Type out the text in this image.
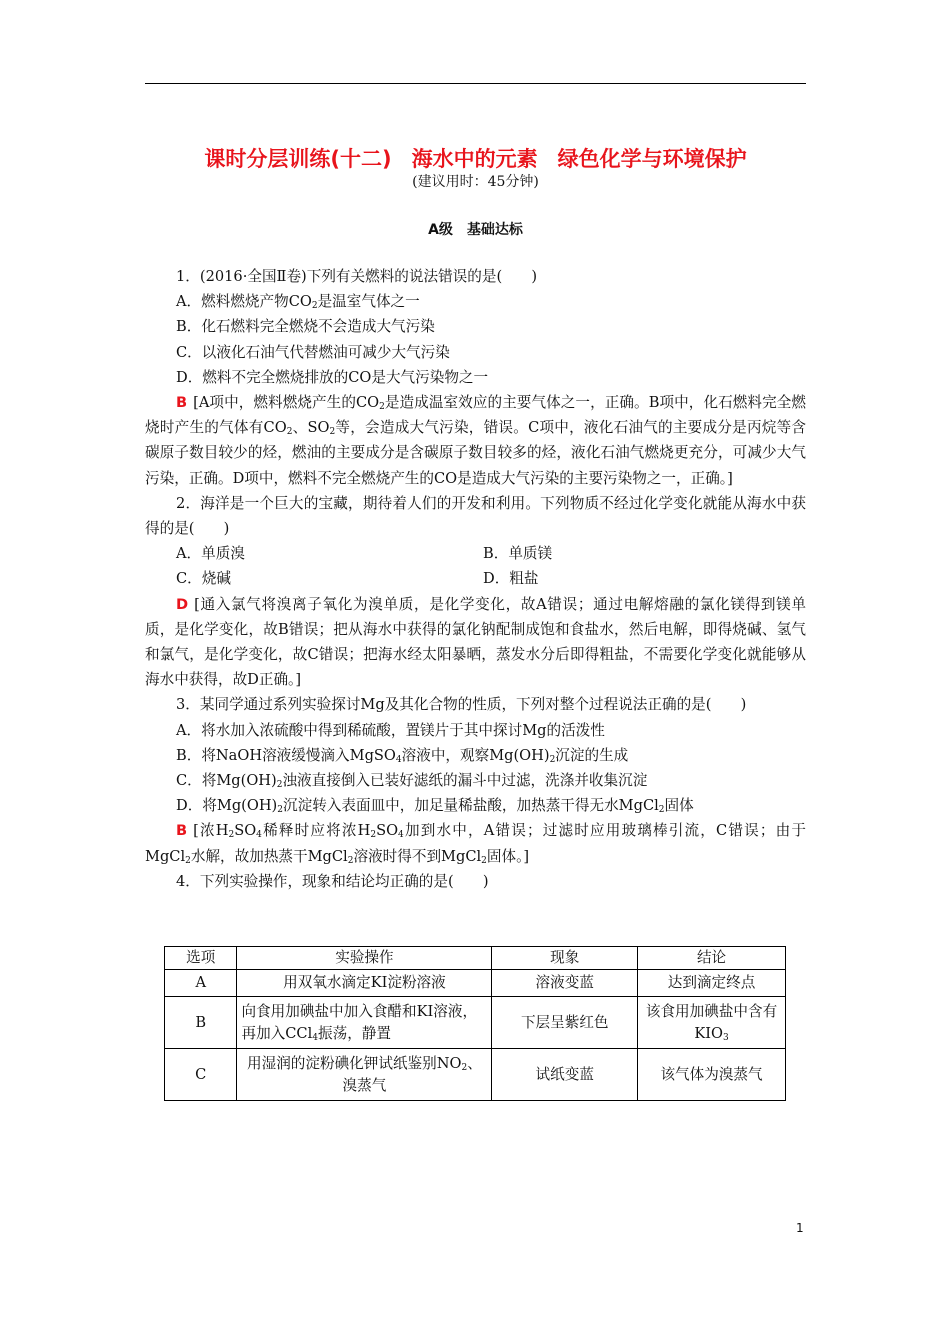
课时分层训练(十二) 海水中的元素 绿色化学与环境保护
(建议用时：45分钟)
A级　基础达标

1．(2016·全国Ⅱ卷)下列有关燃料的说法错误的是(　　)

A．燃料燃烧产物$CO_2$是温室气体之一

B．化石燃料完全燃烧不会造成大气污染

C．以液化石油气代替燃油可减少大气污染

D．燃料不完全燃烧排放的CO是大气污染物之一

B [A项中，燃料燃烧产生的$CO_2$是造成温室效应的主要气体之一，正确。B项中，化石燃料完全燃烧时产生的气体有$CO_2$、$SO_2$等，会造成大气污染，错误。C项中，液化石油气的主要成分是丙烷等含碳原子数目较少的烃，燃油的主要成分是含碳原子数目较多的烃，液化石油气燃烧更充分，可减少大气污染，正确。D项中，燃料不完全燃烧产生的CO是造成大气污染的主要污染物之一，正确。]

2．海洋是一个巨大的宝藏，期待着人们的开发和利用。下列物质不经过化学变化就能从海水中获得的是(　　)

A．单质溴	B．单质镁
C．烧碱	D．粗盐

D [通入氯气将溴离子氧化为溴单质，是化学变化，故A错误；通过电解熔融的氯化镁得到镁单质，是化学变化，故B错误；把从海水中获得的氯化钠配制成饱和食盐水，然后电解，即得烧碱、氢气和氯气，是化学变化，故C错误；把海水经太阳暴晒，蒸发水分后即得粗盐，不需要化学变化就能够从海水中获得，故D正确。]

3．某同学通过系列实验探讨Mg及其化合物的性质，下列对整个过程说法正确的是(　　)

A．将水加入浓硫酸中得到稀硫酸，置镁片于其中探讨Mg的活泼性

B．将NaOH溶液缓慢滴入MgSO$_4$溶液中，观察$Mg(OH)_2$沉淀的生成

C．将$Mg(OH)_2$浊液直接倒入已装好滤纸的漏斗中过滤，洗涤并收集沉淀

D．将$Mg(OH)_2$沉淀转入表面皿中，加足量稀盐酸，加热蒸干得无水MgCl$_2$固体

B [浓$H_2SO_4$稀释时应将浓$H_2SO_4$加到水中，A错误；过滤时应用玻璃棒引流，C错误；由于MgCl$_2$水解，故加热蒸干MgCl$_2$溶液时得不到MgCl$_2$固体。]

4．下列实验操作，现象和结论均正确的是(　　)

选项	实验操作	现象	结论
A	用双氧水滴定KI淀粉溶液	溶液变蓝	达到滴定终点
B	向食用加碘盐中加入食醋和KI溶液，再加入CCl$_4$振荡，静置	下层呈紫红色	该食用加碘盐中含有$KIO_3$
C	用湿润的淀粉碘化钾试纸鉴别$NO_2$、溴蒸气	试纸变蓝	该气体为溴蒸气
1
